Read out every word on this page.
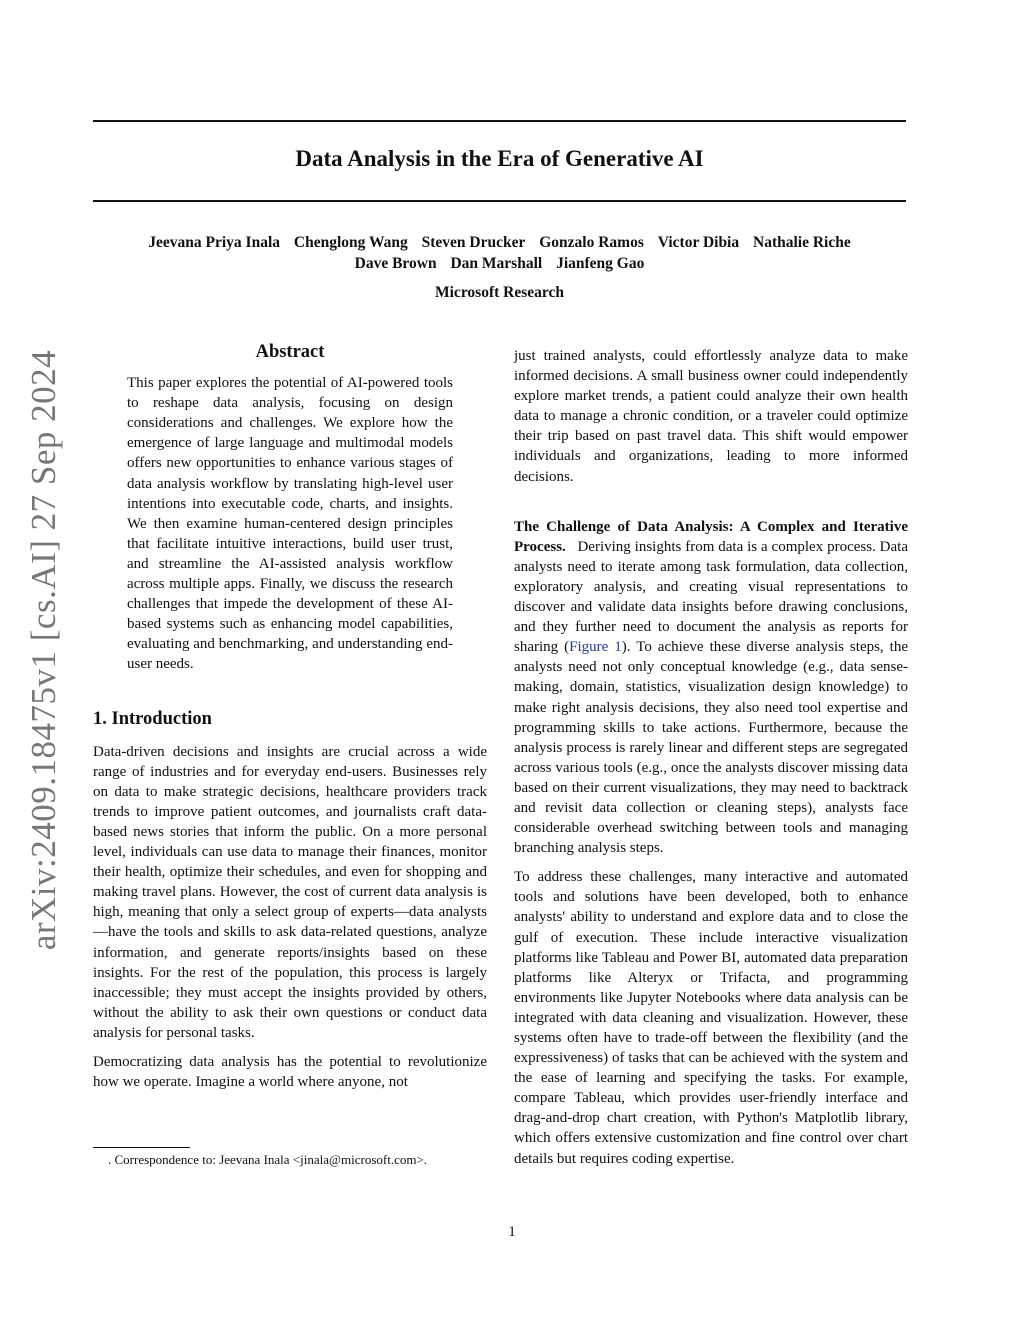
Data Analysis in the Era of Generative AI
Jeevana Priya Inala Chenglong Wang Steven Drucker Gonzalo Ramos Victor Dibia Nathalie Riche
Dave Brown Dan Marshall Jianfeng Gao
Microsoft Research
arXiv:2409.18475v1 [cs.AI] 27 Sep 2024	Abstract
This paper explores the potential of AI-powered tools to reshape data analysis, focusing on design considerations and challenges. We explore how the emergence of large language and multimodal models offers new opportunities to enhance various stages of data analysis workflow by translating high-level user intentions into executable code, charts, and insights. We then examine human-centered design principles that facilitate intuitive interactions, build user trust, and streamline the AI-assisted analysis workflow across multiple apps. Finally, we discuss the research challenges that impede the development of these AI-based systems such as enhancing model capabilities, evaluating and benchmarking, and understanding end-user needs.
1. Introduction

Data-driven decisions and insights are crucial across a wide range of industries and for everyday end-users. Businesses rely on data to make strategic decisions, healthcare providers track trends to improve patient outcomes, and journalists craft data-based news stories that inform the public. On a more personal level, individuals can use data to manage their finances, monitor their health, optimize their schedules, and even for shopping and making travel plans. However, the cost of current data analysis is high, meaning that only a select group of experts—data analysts—have the tools and skills to ask data-related questions, analyze information, and generate reports/insights based on these insights. For the rest of the population, this process is largely inaccessible; they must accept the insights provided by others, without the ability to ask their own questions or conduct data analysis for personal tasks.

Democratizing data analysis has the potential to revolutionize how we operate. Imagine a world where anyone, not

just trained analysts, could effortlessly analyze data to make informed decisions. A small business owner could independently explore market trends, a patient could analyze their own health data to manage a chronic condition, or a traveler could optimize their trip based on past travel data. This shift would empower individuals and organizations, leading to more informed decisions.

The Challenge of Data Analysis: A Complex and Iterative Process. Deriving insights from data is a complex process. Data analysts need to iterate among task formulation, data collection, exploratory analysis, and creating visual representations to discover and validate data insights before drawing conclusions, and they further need to document the analysis as reports for sharing (Figure 1). To achieve these diverse analysis steps, the analysts need not only conceptual knowledge (e.g., data sense-making, domain, statistics, visualization design knowledge) to make right analysis decisions, they also need tool expertise and programming skills to take actions. Furthermore, because the analysis process is rarely linear and different steps are segregated across various tools (e.g., once the analysts discover missing data based on their current visualizations, they may need to backtrack and revisit data collection or cleaning steps), analysts face considerable overhead switching between tools and managing branching analysis steps.

To address these challenges, many interactive and automated tools and solutions have been developed, both to enhance analysts' ability to understand and explore data and to close the gulf of execution. These include interactive visualization platforms like Tableau and Power BI, automated data preparation platforms like Alteryx or Trifacta, and programming environments like Jupyter Notebooks where data analysis can be integrated with data cleaning and visualization. However, these systems often have to trade-off between the flexibility (and the expressiveness) of tasks that can be achieved with the system and the ease of learning and specifying the tasks. For example, compare Tableau, which provides user-friendly interface and drag-and-drop chart creation, with Python's Matplotlib library, which offers extensive customization and fine control over chart details but requires coding expertise.

. Correspondence to: Jeevana Inala <jinala@microsoft.com>.
1
